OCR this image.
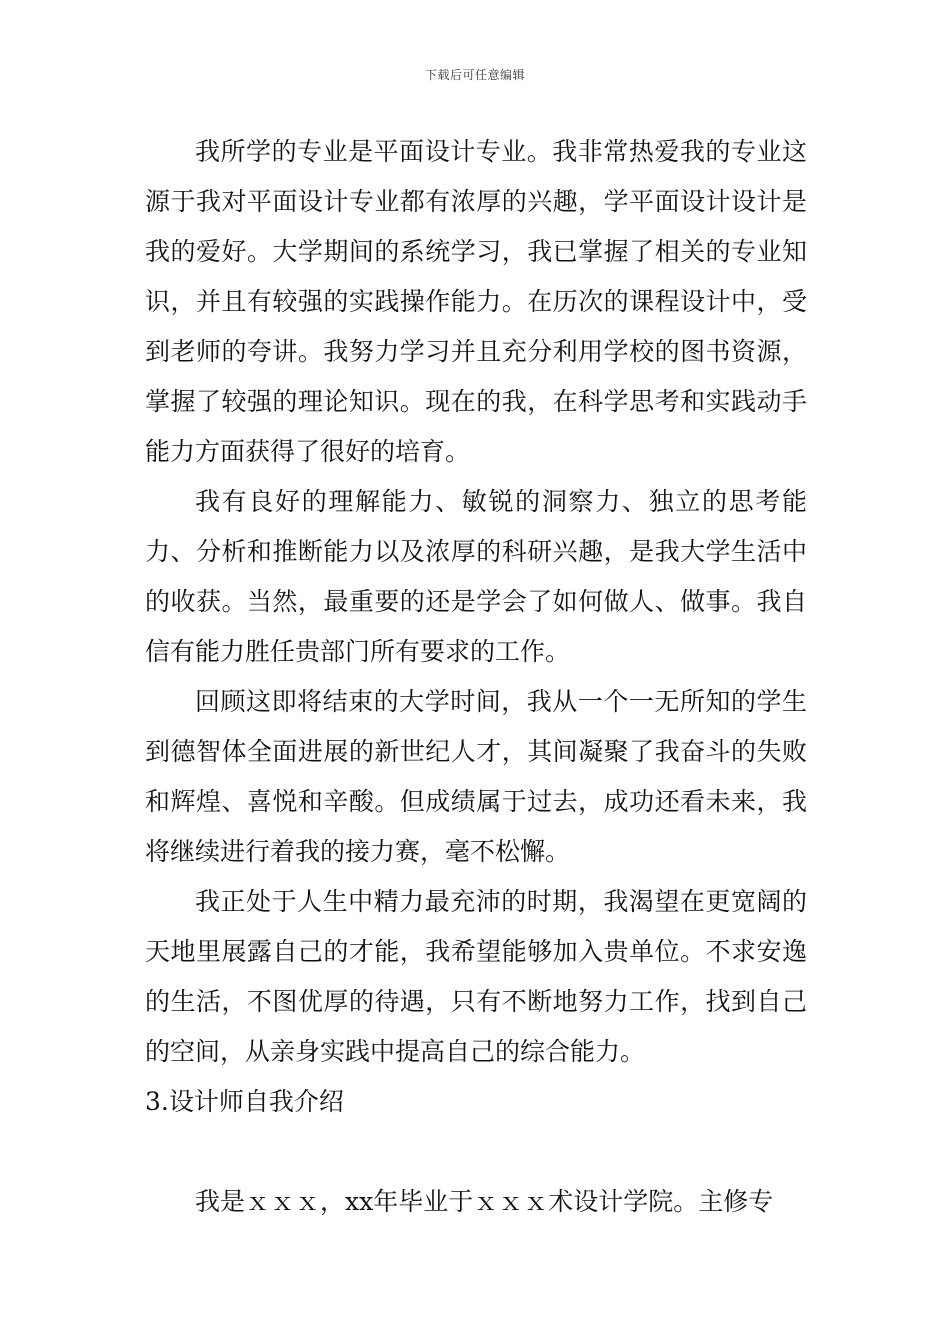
下载后可任意编辑

我所学的专业是平面设计专业。我非常热爱我的专业这源于我对平面设计专业都有浓厚的兴趣，学平面设计设计是我的爱好。大学期间的系统学习，我已掌握了相关的专业知识，并且有较强的实践操作能力。在历次的课程设计中，受到老师的夸讲。我努力学习并且充分利用学校的图书资源，掌握了较强的理论知识。现在的我，在科学思考和实践动手能力方面获得了很好的培育。

我有良好的理解能力、敏锐的洞察力、独立的思考能力、分析和推断能力以及浓厚的科研兴趣，是我大学生活中的收获。当然，最重要的还是学会了如何做人、做事。我自信有能力胜任贵部门所有要求的工作。

回顾这即将结束的大学时间，我从一个一无所知的学生到德智体全面进展的新世纪人才，其间凝聚了我奋斗的失败和辉煌、喜悦和辛酸。但成绩属于过去，成功还看未来，我将继续进行着我的接力赛，毫不松懈。

我正处于人生中精力最充沛的时期，我渴望在更宽阔的天地里展露自己的才能，我希望能够加入贵单位。不求安逸的生活，不图优厚的待遇，只有不断地努力工作，找到自己的空间，从亲身实践中提高自己的综合能力。

3.设计师自我介绍

我是ｘｘｘ，xx年毕业于ｘｘｘ术设计学院。主修专
